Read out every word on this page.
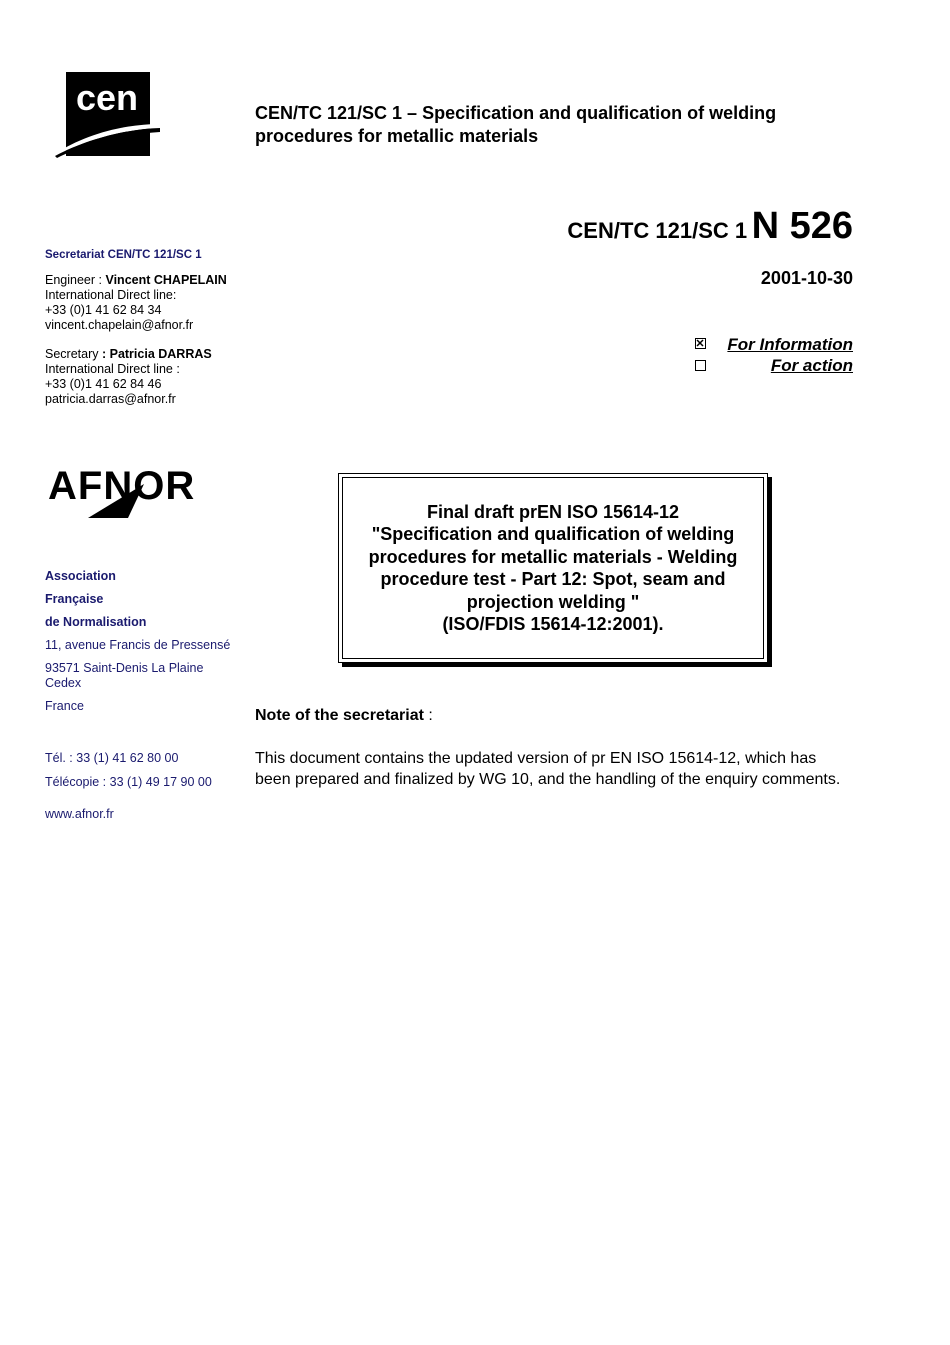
cen	CEN/TC 121/SC 1 – Specification and qualification of welding procedures for metallic materials
CEN/TC 121/SC 1 N 526
2001-10-30
For Information
For action
Secretariat CEN/TC 121/SC 1
Engineer : Vincent CHAPELAIN
International Direct line:
+33 (0)1 41 62 84 34
vincent.chapelain@afnor.fr
Secretary : Patricia DARRAS
International Direct line :
+33 (0)1 41 62 84 46
patricia.darras@afnor.fr
AFNOR
Association
Française
de Normalisation
11, avenue Francis de Pressensé
93571 Saint-Denis La Plaine Cedex
France
Tél. : 33 (1) 41 62 80 00
Télécopie : 33 (1) 49 17 90 00
www.afnor.fr
Final draft prEN ISO 15614-12
"Specification and qualification of welding procedures for metallic materials - Welding procedure test - Part 12: Spot, seam and projection welding "
(ISO/FDIS 15614-12:2001).
Note of the secretariat :
This document contains the updated version of pr EN ISO 15614-12, which has been prepared and finalized by WG 10, and the handling of the enquiry comments.
